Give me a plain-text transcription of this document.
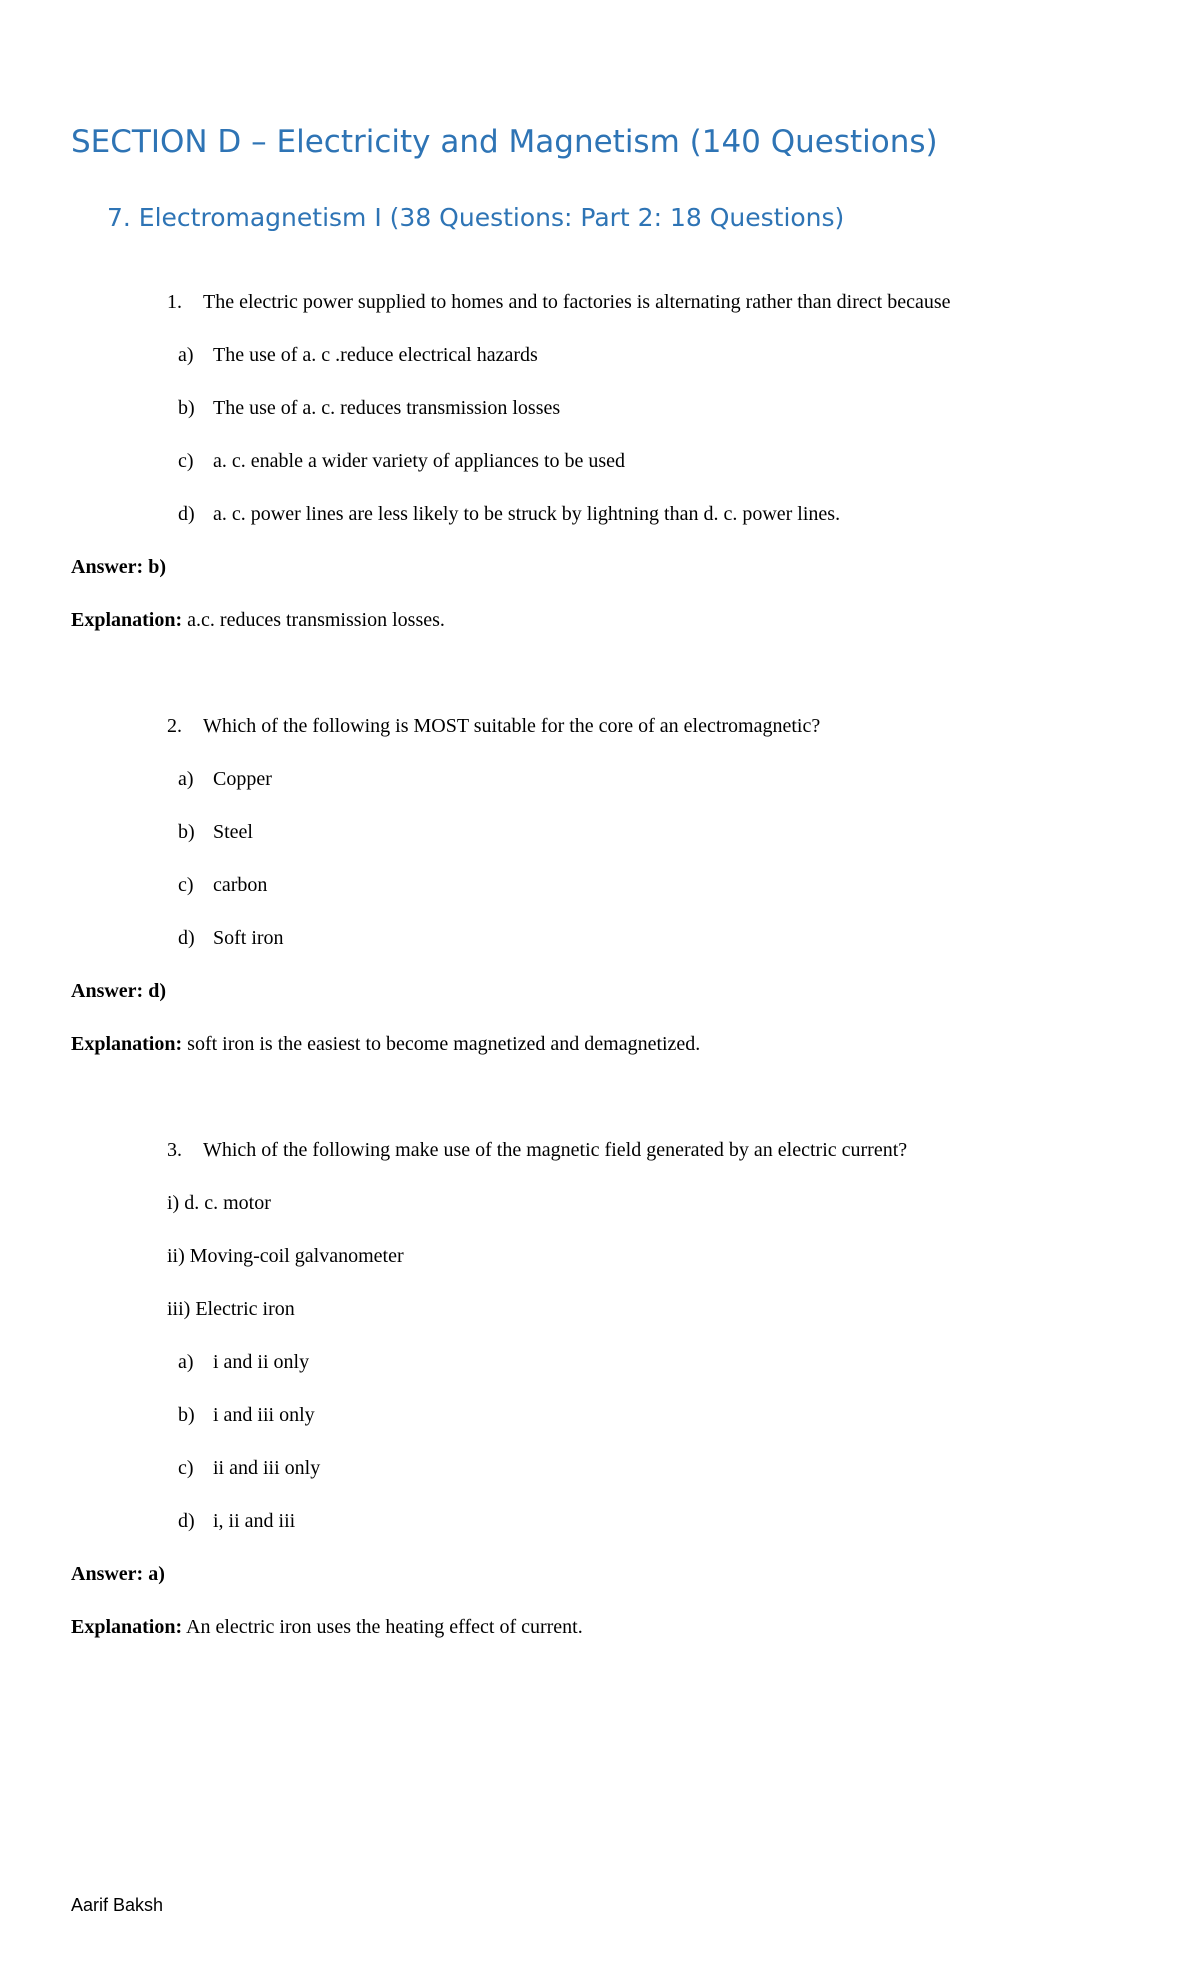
SECTION D – Electricity and Magnetism (140 Questions)
7. Electromagnetism I (38 Questions: Part 2: 18 Questions)
1. The electric power supplied to homes and to factories is alternating rather than direct because
a) The use of a. c .reduce electrical hazards
b) The use of a. c. reduces transmission losses
c) a. c. enable a wider variety of appliances to be used
d) a. c. power lines are less likely to be struck by lightning than d. c. power lines.
Answer: b)
Explanation: a.c. reduces transmission losses.
2. Which of the following is MOST suitable for the core of an electromagnetic?
a) Copper
b) Steel
c) carbon
d) Soft iron
Answer: d)
Explanation: soft iron is the easiest to become magnetized and demagnetized.
3. Which of the following make use of the magnetic field generated by an electric current?
i) d. c. motor
ii) Moving-coil galvanometer
iii) Electric iron
a) i and ii only
b) i and iii only
c) ii and iii only
d) i, ii and iii
Answer: a)
Explanation: An electric iron uses the heating effect of current.
Aarif Baksh
